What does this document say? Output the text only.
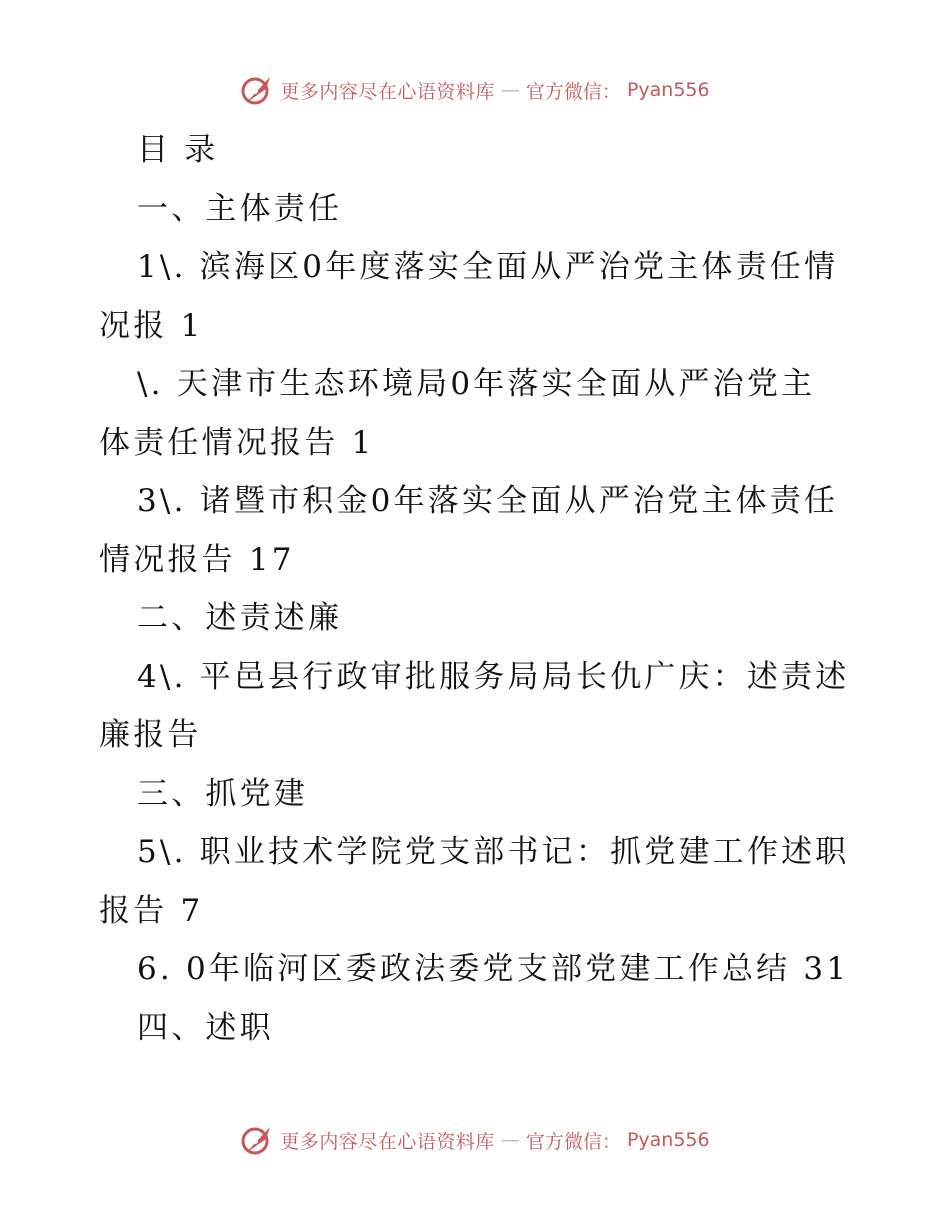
更多内容尽在心语资料库 — 官方微信： Pyan556
目 录
一、主体责任
1\. 滨海区0年度落实全面从严治党主体责任情
况报 1
\. 天津市生态环境局0年落实全面从严治党主
体责任情况报告 1
3\. 诸暨市积金0年落实全面从严治党主体责任
情况报告 17
二、述责述廉
4\. 平邑县行政审批服务局局长仇广庆：述责述
廉报告
三、抓党建
5\. 职业技术学院党支部书记：抓党建工作述职
报告 7
6. 0年临河区委政法委党支部党建工作总结 31
四、述职
更多内容尽在心语资料库 — 官方微信： Pyan556
